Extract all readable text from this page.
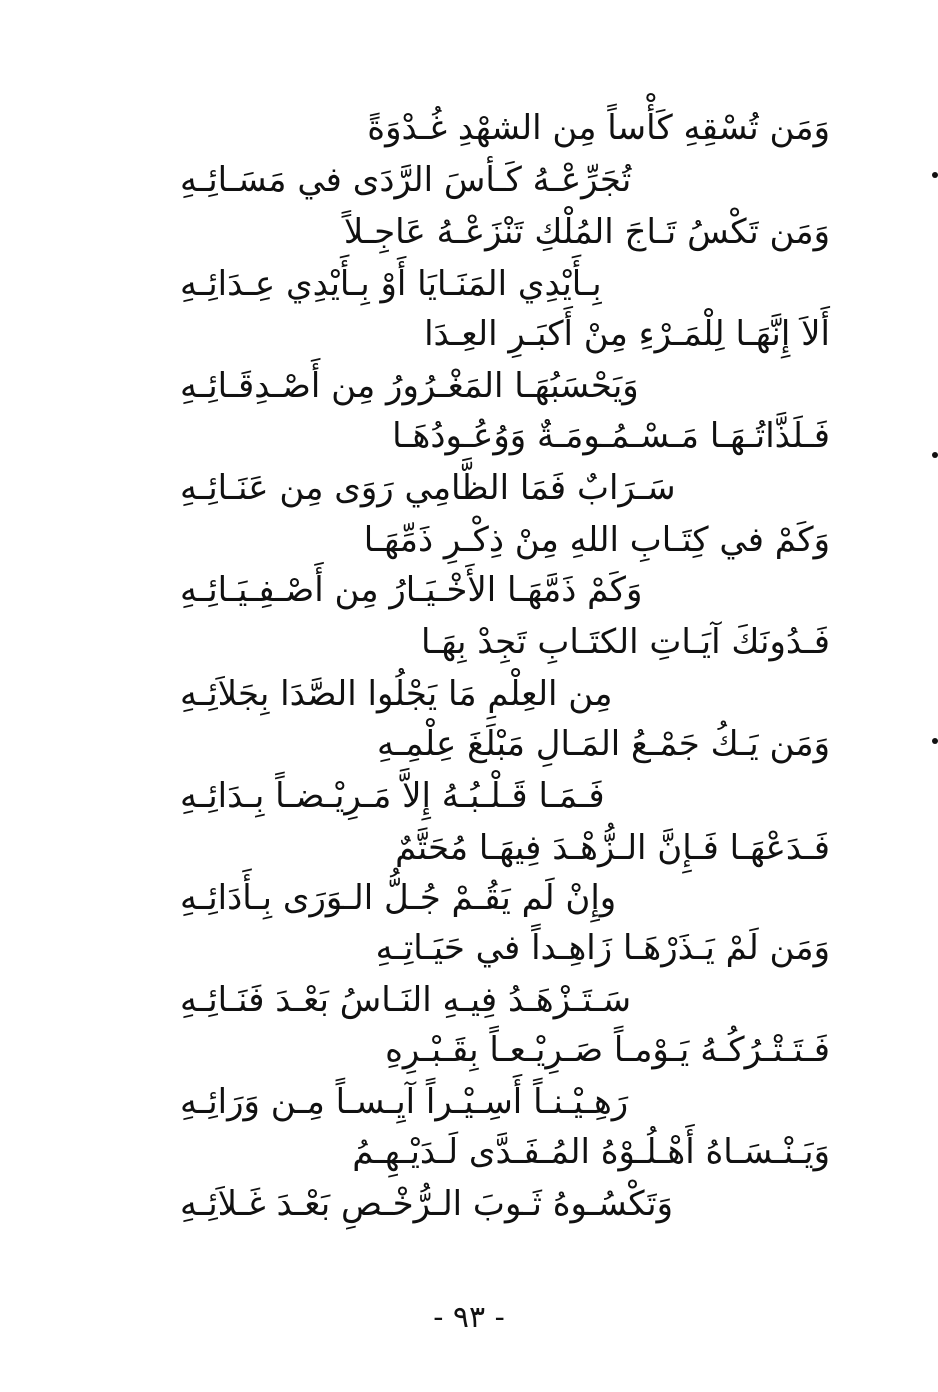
وَمَن تُسْقِهِ كَأْساً مِن الشهْدِ غُـدْوَةً
تُجَرِّعْـهُ كَـأسَ الرَّدَى في مَسَـائِـهِ
وَمَن تَكْسُ تَـاجَ المُلْكِ تَنْزَعْـهُ عَاجِـلاً
بِـأَيْدِي المَنَـايَا أَوْ بِـأَيْدِي عِـدَائِـهِ
أَلاَ إِنَّهَـا لِلْمَـرْءِ مِنْ أَكبَـرِ العِـدَا
وَيَحْسَبُهَـا المَغْـرُورُ مِن أَصْـدِقَـائِـهِ
فَـلَذَّاتُـهَـا مَـسْـمُـومَـةٌ وَوُعُـودُهَـا
سَـرَابٌ فَمَا الظَّامِي رَوَى مِن عَنَـائِـهِ
وَكَمْ في كِتَـابِ اللهِ مِنْ ذِكْـرِ ذَمِّهَـا
وَكَمْ ذَمَّهَـا الأَخْـيَـارُ مِن أَصْـفِـيَـائِـهِ
فَـدُونَكَ آيَـاتِ الكتَـابِ تَجِدْ بِهَـا
مِن العِلْمِ مَا يَجْلُوا الصَّدَا بِجَلاَئِـهِ
وَمَن يَـكُ جَمْـعُ المَـالِ مَبْلَغَ عِلْمِـهِ
فَـمَـا قَـلْـبُـهُ إِلاَّ مَـرِيْـضـاً بِـدَائِـهِ
فَـدَعْهَـا فَـإِنَّ الـزُّهْـدَ فِيهَـا مُحَتَّمٌ
وإِنْ لَم يَقُـمْ جُـلُّ الـوَرَى بِـأَدَائِـهِ
وَمَن لَمْ يَـذَرْهَـا زَاهِـداً في حَيَـاتِـهِ
سَـتَـزْهَـدُ فِيـهِ النَـاسُ بَعْـدَ فَنَـائِـهِ
فَـتَـتْـرُكُـهُ يَـوْمـاً صَـرِيْـعـاً بِقَـبْـرِهِ
رَهِـيْـنـاً أَسِـيْـراً آيِـسـاً مِـن وَرَائِـهِ
وَيَـنْـسَـاهُ أَهْـلُـوْهُ المُـفَـدَّى لَـدَيْـهِـمُ
وَتَكْسُـوهُ ثَـوبَ الـرُّخْـصِ بَعْـدَ غَـلاَئِـهِ
- ٩٣ -
